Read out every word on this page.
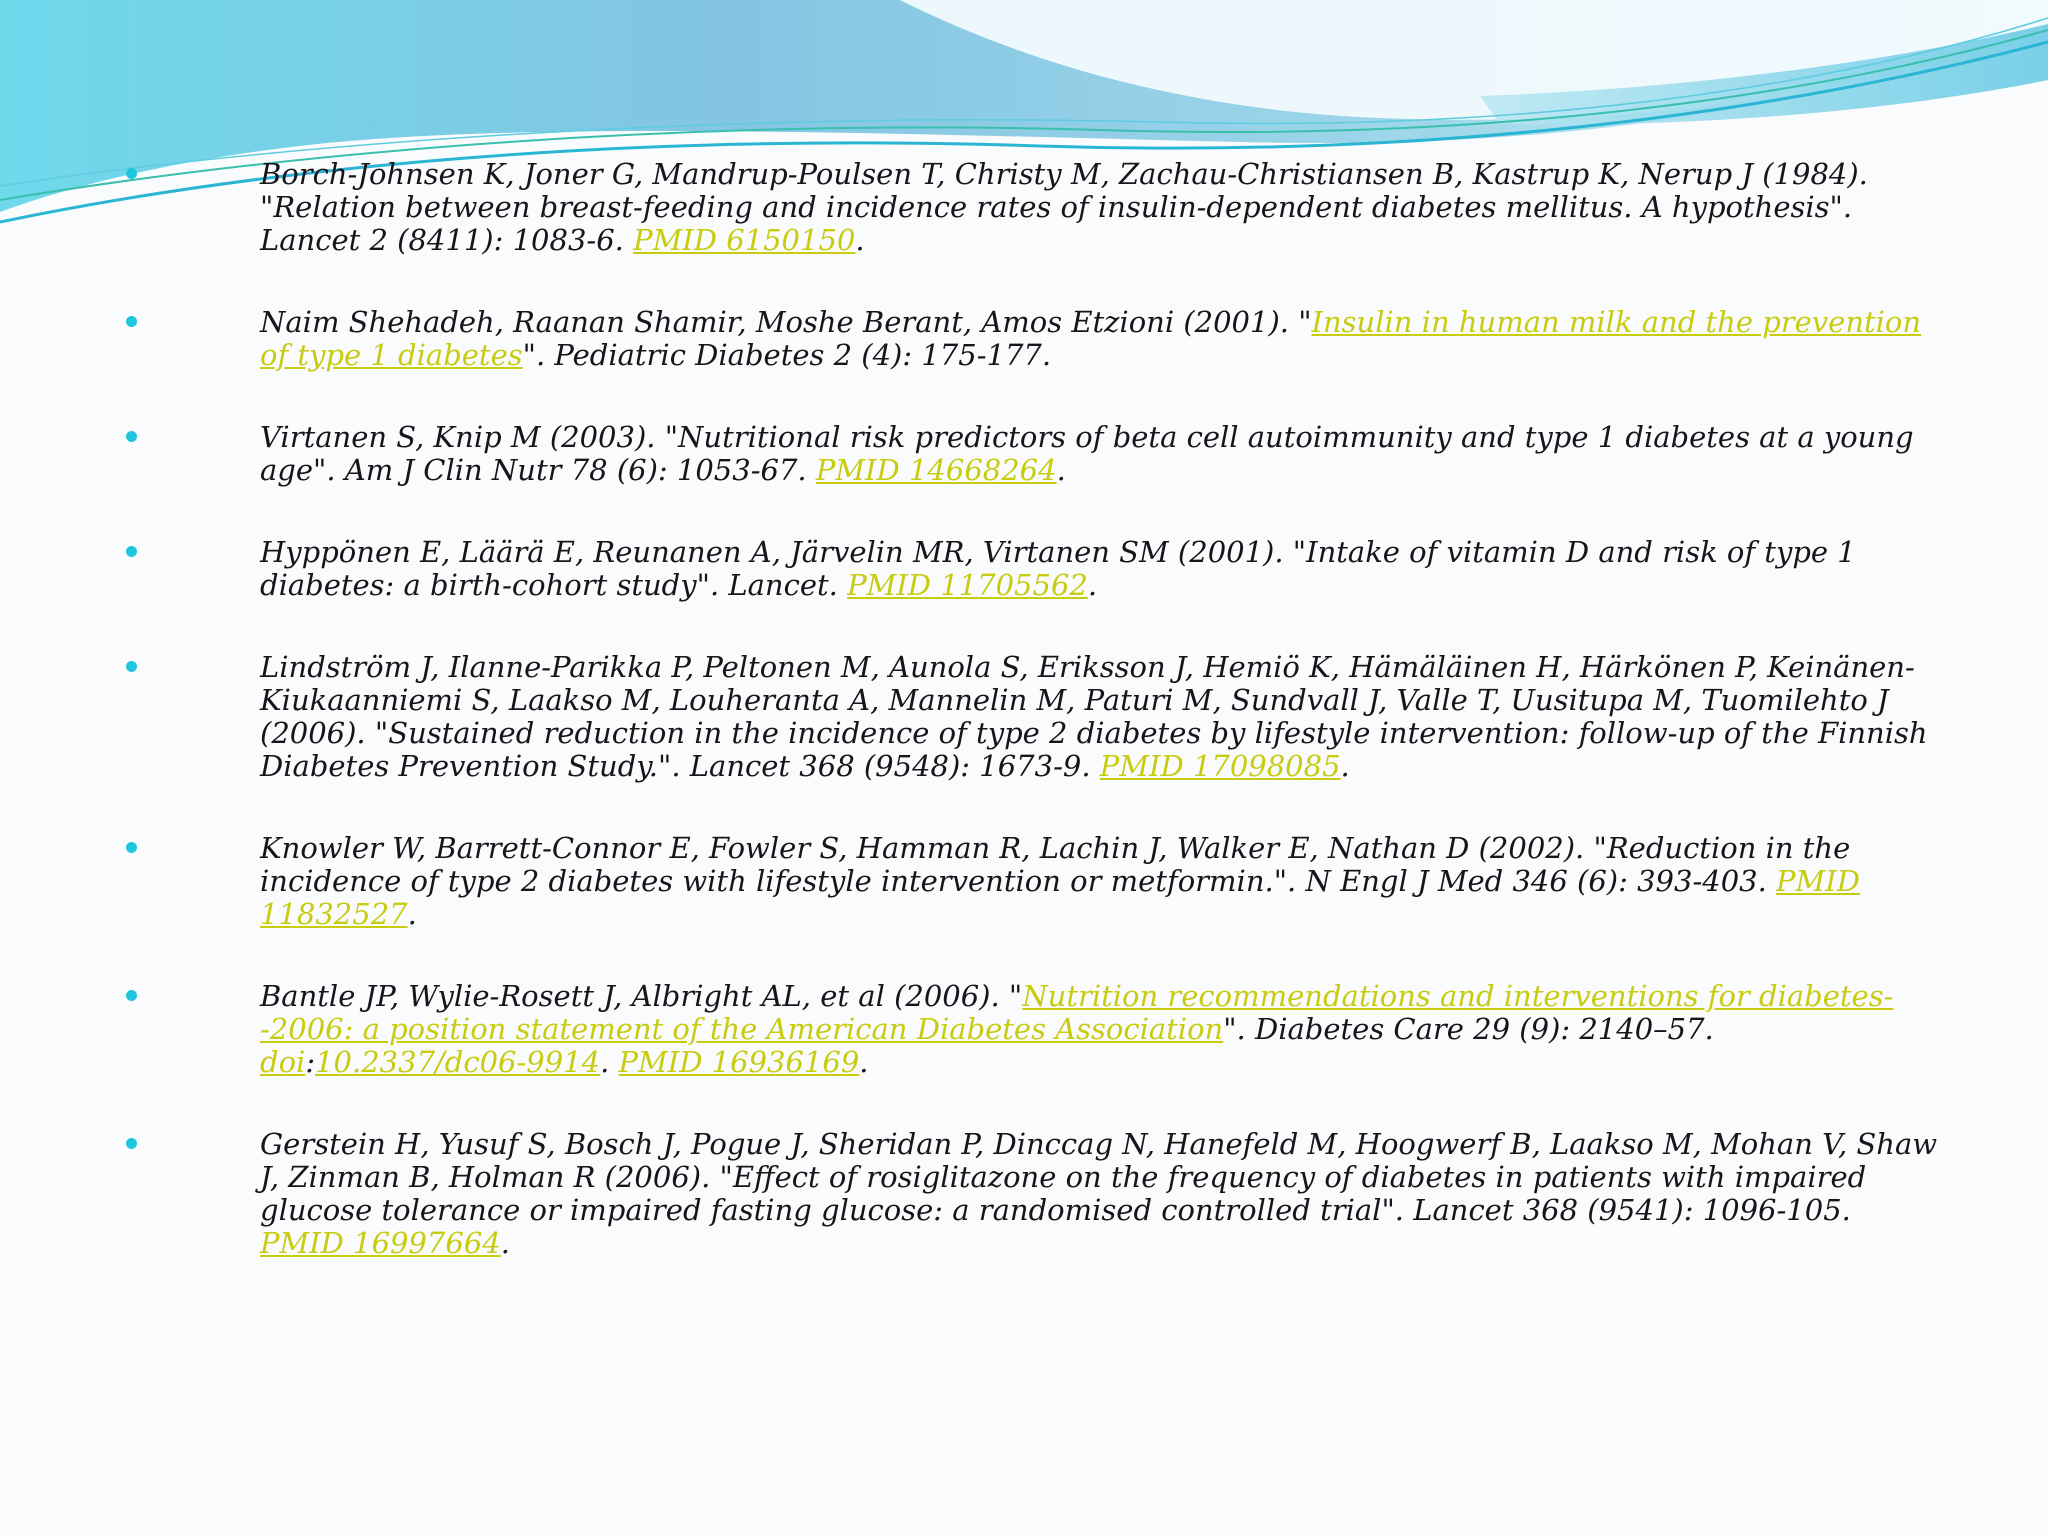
Borch-Johnsen K, Joner G, Mandrup-Poulsen T, Christy M, Zachau-Christiansen B, Kastrup K, Nerup J (1984). "Relation between breast-feeding and incidence rates of insulin-dependent diabetes mellitus. A hypothesis". Lancet 2 (8411): 1083-6. PMID 6150150.
Naim Shehadeh, Raanan Shamir, Moshe Berant, Amos Etzioni (2001). "Insulin in human milk and the prevention of type 1 diabetes". Pediatric Diabetes 2 (4): 175-177.
Virtanen S, Knip M (2003). "Nutritional risk predictors of beta cell autoimmunity and type 1 diabetes at a young age". Am J Clin Nutr 78 (6): 1053-67. PMID 14668264.
Hyppönen E, Läärä E, Reunanen A, Järvelin MR, Virtanen SM (2001). "Intake of vitamin D and risk of type 1 diabetes: a birth-cohort study". Lancet. PMID 11705562.
Lindström J, Ilanne-Parikka P, Peltonen M, Aunola S, Eriksson J, Hemiö K, Hämäläinen H, Härkönen P, Keinänen-Kiukaanniemi S, Laakso M, Louheranta A, Mannelin M, Paturi M, Sundvall J, Valle T, Uusitupa M, Tuomilehto J (2006). "Sustained reduction in the incidence of type 2 diabetes by lifestyle intervention: follow-up of the Finnish Diabetes Prevention Study.". Lancet 368 (9548): 1673-9. PMID 17098085.
Knowler W, Barrett-Connor E, Fowler S, Hamman R, Lachin J, Walker E, Nathan D (2002). "Reduction in the incidence of type 2 diabetes with lifestyle intervention or metformin.". N Engl J Med 346 (6): 393-403. PMID 11832527.
Bantle JP, Wylie-Rosett J, Albright AL, et al (2006). "Nutrition recommendations and interventions for diabetes--2006: a position statement of the American Diabetes Association". Diabetes Care 29 (9): 2140–57. doi:10.2337/dc06-9914. PMID 16936169.
Gerstein H, Yusuf S, Bosch J, Pogue J, Sheridan P, Dinccag N, Hanefeld M, Hoogwerf B, Laakso M, Mohan V, Shaw J, Zinman B, Holman R (2006). "Effect of rosiglitazone on the frequency of diabetes in patients with impaired glucose tolerance or impaired fasting glucose: a randomised controlled trial". Lancet 368 (9541): 1096-105. PMID 16997664.
